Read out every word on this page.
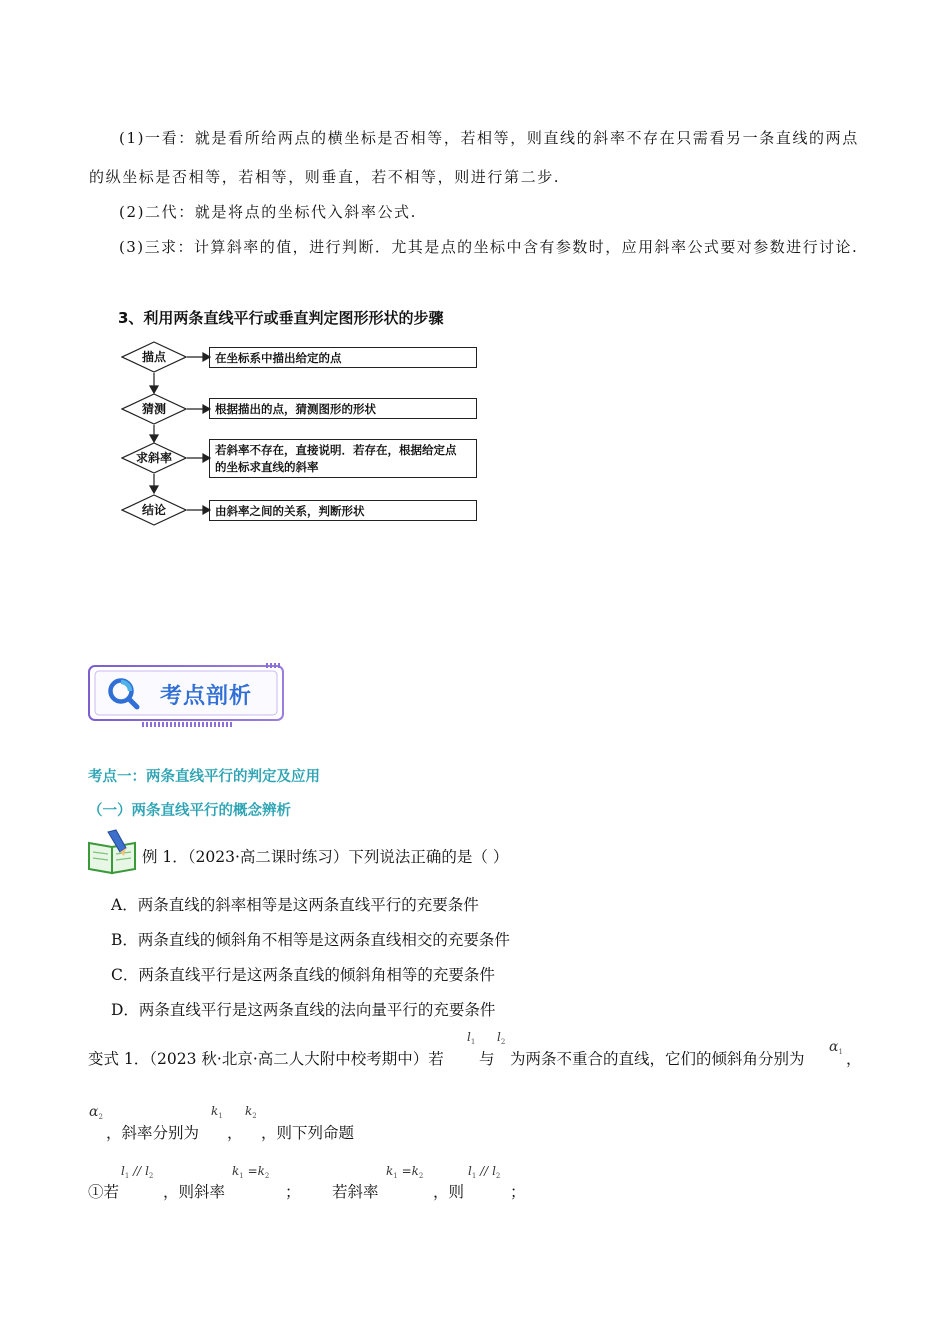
(1)一看：就是看所给两点的横坐标是否相等，若相等，则直线的斜率不存在只需看另一条直线的两点
的纵坐标是否相等，若相等，则垂直，若不相等，则进行第二步.
(2)二代：就是将点的坐标代入斜率公式.
(3)三求：计算斜率的值，进行判断．尤其是点的坐标中含有参数时，应用斜率公式要对参数进行讨论.
3、利用两条直线平行或垂直判定图形形状的步骤
描点	在坐标系中描出给定的点
猜测	根据描出的点，猜测图形的形状
求斜率
若斜率不存在，直接说明．若存在，根据给定点
的坐标求直线的斜率
结论	由斜率之间的关系，判断形状
考点剖析
考点一：两条直线平行的判定及应用
（一）两条直线平行的概念辨析
例 1．（2023·高二课时练习）下列说法正确的是（ ）
A．两条直线的斜率相等是这两条直线平行的充要条件
B．两条直线的倾斜角不相等是这两条直线相交的充要条件
C．两条直线平行是这两条直线的倾斜角相等的充要条件
D．两条直线平行是这两条直线的法向量平行的充要条件
变式 1．（2023 秋·北京·高二人大附中校考期中）若
$l_1$
与
$l_2$
为两条不重合的直线，它们的倾斜角分别为
$\alpha_1$ ，
$\alpha_2$
，斜率分别为
$k_1$
，
$k_2$
，则下列命题
①若
$l_1 // l_2$
，则斜率
$k_1 =k_2$
； 若斜率
$k_1 =k_2$
，则
$l_1 // l_2$
；
